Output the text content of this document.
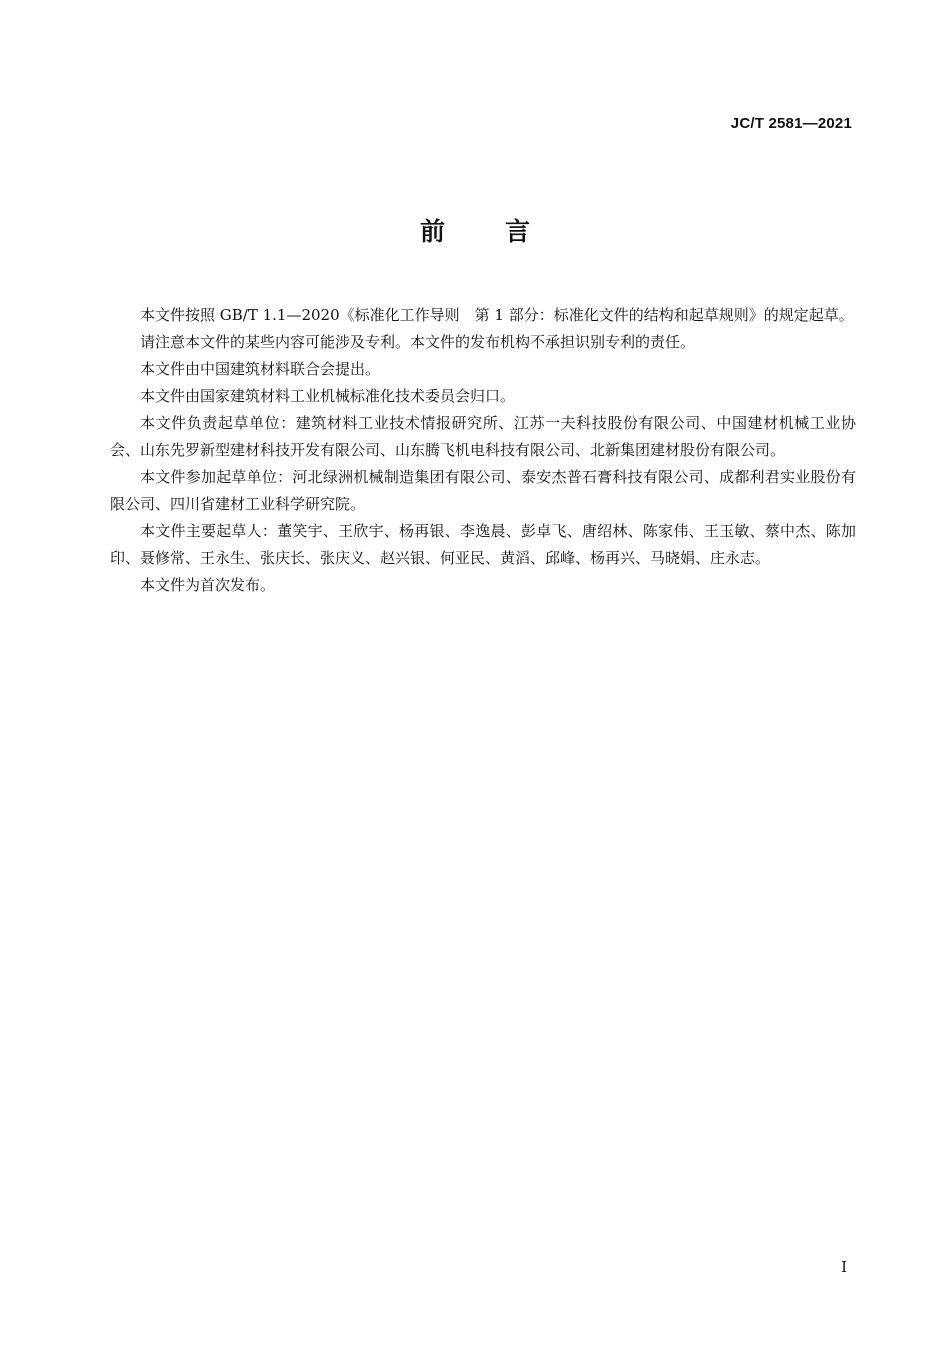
JC/T 2581—2021
前 言

本文件按照 GB/T 1.1—2020《标准化工作导则　第 1 部分：标准化文件的结构和起草规则》的规定起草。

请注意本文件的某些内容可能涉及专利。本文件的发布机构不承担识别专利的责任。

本文件由中国建筑材料联合会提出。

本文件由国家建筑材料工业机械标准化技术委员会归口。

本文件负责起草单位：建筑材料工业技术情报研究所、江苏一夫科技股份有限公司、中国建材机械工业协会、山东先罗新型建材科技开发有限公司、山东腾飞机电科技有限公司、北新集团建材股份有限公司。

本文件参加起草单位：河北绿洲机械制造集团有限公司、泰安杰普石膏科技有限公司、成都利君实业股份有限公司、四川省建材工业科学研究院。

本文件主要起草人：董笑宇、王欣宇、杨再银、李逸晨、彭卓飞、唐绍林、陈家伟、王玉敏、蔡中杰、陈加印、聂修常、王永生、张庆长、张庆义、赵兴银、何亚民、黄滔、邱峰、杨再兴、马晓娟、庄永志。

本文件为首次发布。

I
